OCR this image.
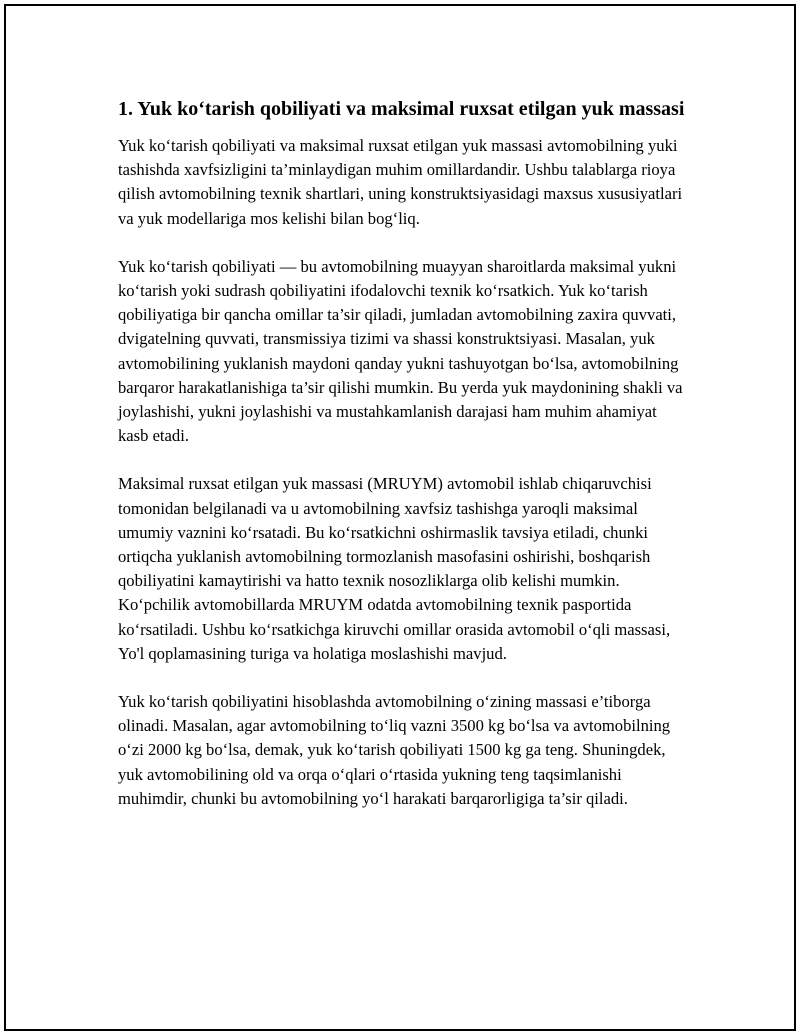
1. Yuk ko‘tarish qobiliyati va maksimal ruxsat etilgan yuk massasi

Yuk ko‘tarish qobiliyati va maksimal ruxsat etilgan yuk massasi avtomobilning yuki tashishda xavfsizligini ta’minlaydigan muhim omillardandir. Ushbu talablarga rioya qilish avtomobilning texnik shartlari, uning konstruktsiyasidagi maxsus xususiyatlari va yuk modellariga mos kelishi bilan bog‘liq.

Yuk ko‘tarish qobiliyati — bu avtomobilning muayyan sharoitlarda maksimal yukni ko‘tarish yoki sudrash qobiliyatini ifodalovchi texnik ko‘rsatkich. Yuk ko‘tarish qobiliyatiga bir qancha omillar ta’sir qiladi, jumladan avtomobilning zaxira quvvati, dvigatelning quvvati, transmissiya tizimi va shassi konstruktsiyasi. Masalan, yuk avtomobilining yuklanish maydoni qanday yukni tashuyotgan bo‘lsa, avtomobilning barqaror harakatlanishiga ta’sir qilishi mumkin. Bu yerda yuk maydonining shakli va joylashishi, yukni joylashishi va mustahkamlanish darajasi ham muhim ahamiyat kasb etadi.

Maksimal ruxsat etilgan yuk massasi (MRUYM) avtomobil ishlab chiqaruvchisi tomonidan belgilanadi va u avtomobilning xavfsiz tashishga yaroqli maksimal umumiy vaznini ko‘rsatadi. Bu ko‘rsatkichni oshirmaslik tavsiya etiladi, chunki ortiqcha yuklanish avtomobilning tormozlanish masofasini oshirishi, boshqarish qobiliyatini kamaytirishi va hatto texnik nosozliklarga olib kelishi mumkin. Ko‘pchilik avtomobillarda MRUYM odatda avtomobilning texnik pasportida ko‘rsatiladi. Ushbu ko‘rsatkichga kiruvchi omillar orasida avtomobil o‘qli massasi, Yo'l qoplamasining turiga va holatiga moslashishi mavjud.

Yuk ko‘tarish qobiliyatini hisoblashda avtomobilning o‘zining massasi e’tiborga olinadi. Masalan, agar avtomobilning to‘liq vazni 3500 kg bo‘lsa va avtomobilning o‘zi 2000 kg bo‘lsa, demak, yuk ko‘tarish qobiliyati 1500 kg ga teng. Shuningdek, yuk avtomobilining old va orqa o‘qlari o‘rtasida yukning teng taqsimlanishi muhimdir, chunki bu avtomobilning yo‘l harakati barqarorligiga ta’sir qiladi.
